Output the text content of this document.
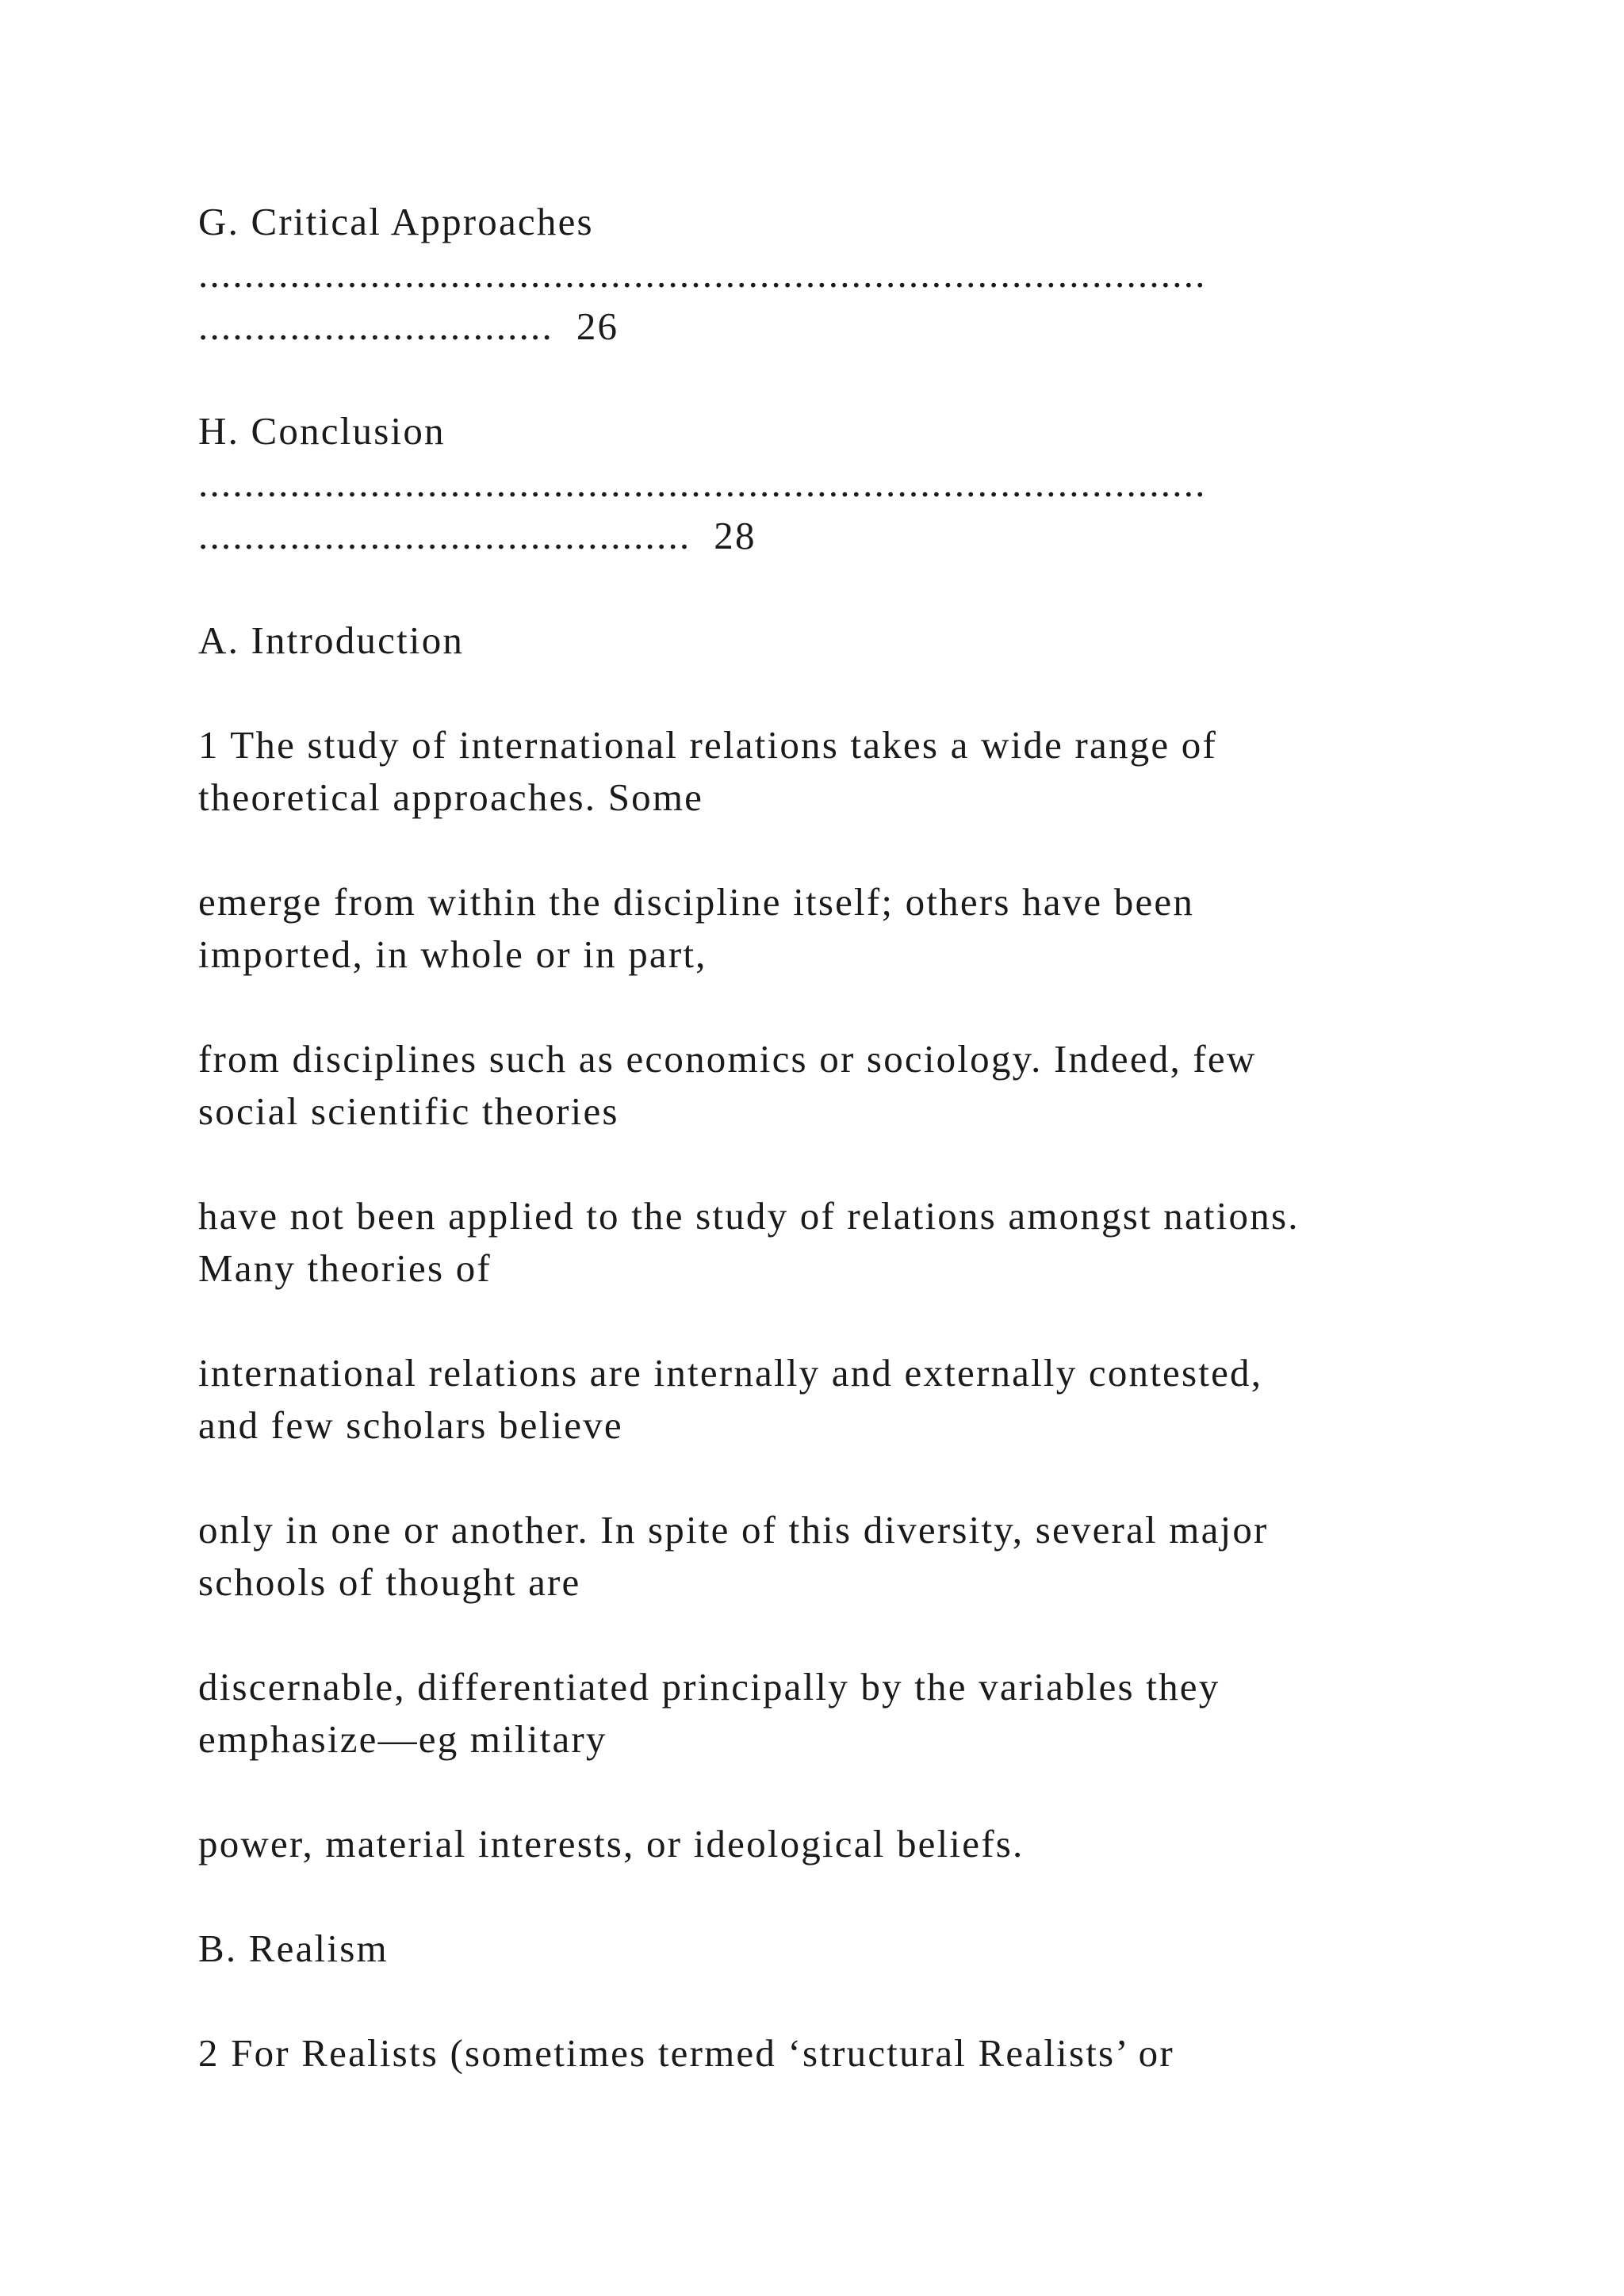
G. Critical Approaches

........................................................................................

............................... 26

H. Conclusion

........................................................................................

........................................... 28

A. Introduction

1 The study of international relations takes a wide range of

theoretical approaches. Some

emerge from within the discipline itself; others have been

imported, in whole or in part,

from disciplines such as economics or sociology. Indeed, few

social scientific theories

have not been applied to the study of relations amongst nations.

Many theories of

international relations are internally and externally contested,

and few scholars believe

only in one or another. In spite of this diversity, several major

schools of thought are

discernable, differentiated principally by the variables they

emphasize—eg military

power, material interests, or ideological beliefs.

B. Realism

2 For Realists (sometimes termed ‘structural Realists’ or
